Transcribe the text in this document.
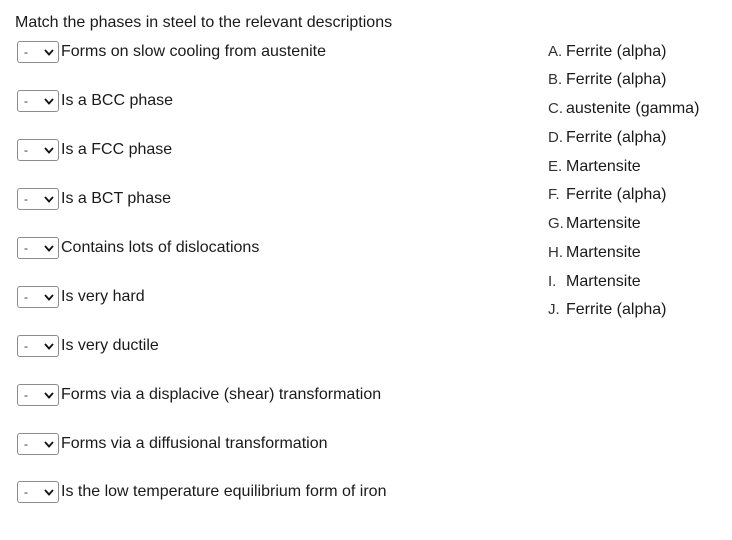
Match the phases in steel to the relevant descriptions
- Forms on slow cooling from austenite
- Is a BCC phase
- Is a FCC phase
- Is a BCT phase
- Contains lots of dislocations
- Is very hard
- Is very ductile
- Forms via a displacive (shear) transformation
- Forms via a diffusional transformation
- Is the low temperature equilibrium form of iron
A. Ferrite (alpha)
B. Ferrite (alpha)
C. austenite (gamma)
D. Ferrite (alpha)
E. Martensite
F. Ferrite (alpha)
G. Martensite
H. Martensite
I. Martensite
J. Ferrite (alpha)
